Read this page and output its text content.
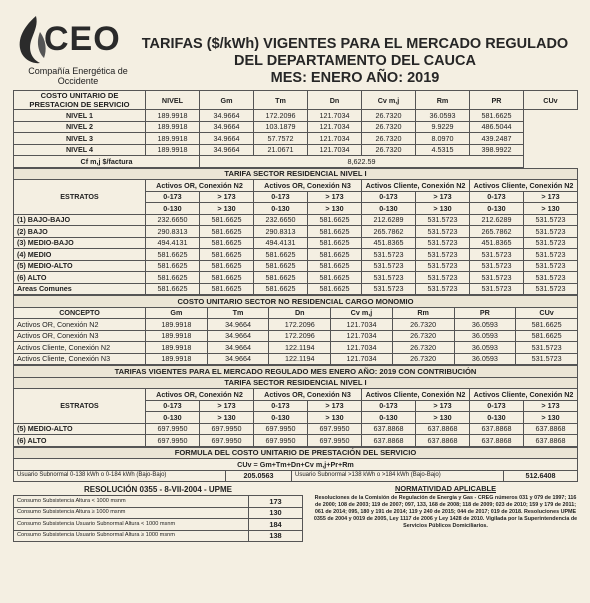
CEO
Compañía Energética de Occidente
TARIFAS ($/kWh) VIGENTES PARA EL MERCADO REGULADO
DEL DEPARTAMENTO DEL CAUCA
MES: ENERO AÑO: 2019
COSTO UNITARIO DE PRESTACION DE SERVICIO	NIVEL	Gm	Tm	Dn	Cv m,j	Rm	PR	CUv
NIVEL 1	189.9918	34.9664	172.2096	121.7034	26.7320	36.0593	581.6625	
NIVEL 2	189.9918	34.9664	103.1879	121.7034	26.7320	9.9229	486.5044	
NIVEL 3	189.9918	34.9664	57.7572	121.7034	26.7320	8.0970	439.2487	
NIVEL 4	189.9918	34.9664	21.0671	121.7034	26.7320	4.5315	398.9922	
Cf m,j $/factura		8,622.59						
TARIFA SECTOR RESIDENCIAL NIVEL I								
ESTRATOS	Activos OR, Conexión N2		Activos OR, Conexión N3		Activos Cliente, Conexión N2		Activos Cliente, Conexión N2	
	0-173	> 173	0-173	> 173	0-173	> 173	0-173	> 173
	0-130	> 130	0-130	> 130	0-130	> 130	0-130	> 130
(1) BAJO-BAJO	232.6650	581.6625	232.6650	581.6625	212.6289	531.5723	212.6289	531.5723
(2) BAJO	290.8313	581.6625	290.8313	581.6625	265.7862	531.5723	265.7862	531.5723
(3) MEDIO-BAJO	494.4131	581.6625	494.4131	581.6625	451.8365	531.5723	451.8365	531.5723
(4) MEDIO	581.6625	581.6625	581.6625	581.6625	531.5723	531.5723	531.5723	531.5723
(5) MEDIO-ALTO	581.6625	581.6625	581.6625	581.6625	531.5723	531.5723	531.5723	531.5723
(6) ALTO	581.6625	581.6625	581.6625	581.6625	531.5723	531.5723	531.5723	531.5723
Areas Comunes	581.6625	581.6625	581.6625	581.6625	531.5723	531.5723	531.5723	531.5723
COSTO UNITARIO SECTOR NO RESIDENCIAL CARGO MONOMIO							
CONCEPTO	Gm	Tm	Dn	Cv m,j	Rm	PR	CUv
Activos OR, Conexión N2	189.9918	34.9664	172.2096	121.7034	26.7320	36.0593	581.6625
Activos OR, Conexión N3	189.9918	34.9664	172.2096	121.7034	26.7320	36.0593	581.6625
Activos Cliente, Conexión N2	189.9918	34.9664	122.1194	121.7034	26.7320	36.0593	531.5723
Activos Cliente, Conexión N3	189.9918	34.9664	122.1194	121.7034	26.7320	36.0593	531.5723
TARIFAS VIGENTES PARA EL MERCADO REGULADO MES ENERO AÑO: 2019 CON CONTRIBUCIÓN								
TARIFA SECTOR RESIDENCIAL NIVEL I								
ESTRATOS	Activos OR, Conexión N2		Activos OR, Conexión N3		Activos Cliente, Conexión N2		Activos Cliente, Conexión N2	
	0-173	> 173	0-173	> 173	0-173	> 173	0-173	> 173
	0-130	> 130	0-130	> 130	0-130	> 130	0-130	> 130
(5) MEDIO-ALTO	697.9950	697.9950	697.9950	697.9950	637.8868	637.8868	637.8868	637.8868
(6) ALTO	697.9950	697.9950	697.9950	697.9950	637.8868	637.8868	637.8868	637.8868
FORMULA DEL COSTO UNITARIO DE PRESTACIÓN DEL SERVICIO
CUv = Gm+Tm+Dn+Cv m,j+Pr+Rm
Usuario Subnormal 0-138 kWh o 0-184 kWh (Bajo-Bajo)	205.0563	Usuario Subnormal >138 kWh o >184 kWh (Bajo-Bajo)	512.6408
RESOLUCIÓN 0355 - 8-VII-2004 - UPME	
Consumo Subsistencia Altura < 1000 msnm	173
Consumo Subsistencia Altura ≥ 1000 msnm	130
Consumo Subsistencia Usuario Subnormal Altura < 1000 msnm	184
Consumo Subsistencia Usuario Subnormal Altura ≥ 1000 msnm	138
NORMATIVIDAD APLICABLE
Resoluciones de la Comisión de Regulación de Energía y Gas - CREG números 031 y 079 de 1997; 116 de 2000; 108 de 2003; 119 de 2007; 097, 133, 168 de 2008; 118 de 2009; 023 de 2010; 159 y 179 de 2011; 061 de 2014; 095, 180 y 191 de 2014; 119 y 240 de 2015; 044 de 2017; 019 de 2018. Resoluciones UPME 0355 de 2004 y 0019 de 2005, Ley 1117 de 2006 y Ley 1428 de 2010. Vigilada por la Superintendencia de Servicios Públicos Domiciliarios.
